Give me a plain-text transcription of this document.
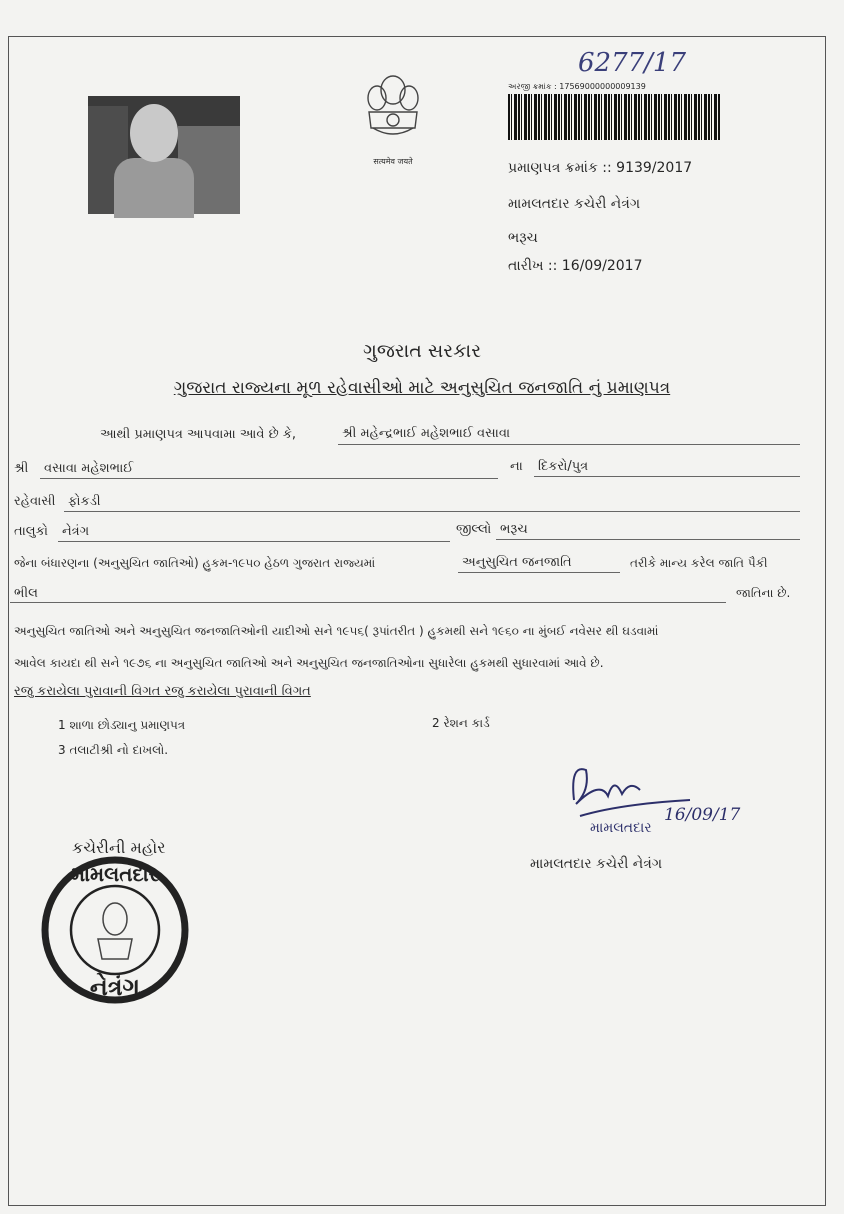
सत्यमेव जयते
6277/17
અરજી ક્રમાંક : 17569000000009139
પ્રમાણપત્ર ક્રમાંક :: 9139/2017
મામલતદાર કચેરી નેત્રંગ
ભરૂચ
તારીખ :: 16/09/2017
ગુજરાત સરકાર
ગુજરાત રાજ્યના મૂળ રહેવાસીઓ માટે અનુસુચિત જનજાતિ નું પ્રમાણપત્ર
આથી પ્રમાણપત્ર આપવામા આવે છે કે,	શ્રી મહેન્દ્રભાઈ મહેશભાઈ વસાવા
શ્રી વસાવા મહેશભાઈ	ના દિકરો/પુત્ર
રહેવાસી ફોકડી
તાલુકો નેત્રંગ	જીલ્લો ભરૂચ
જેના બંધારણના (અનુસુચિત જાતિઓ) હુકમ-૧૯૫૦ હેઠળ ગુજરાત રાજ્યમાં	અનુસુચિત જનજાતિ	તરીકે માન્ય કરેલ જાતિ પૈકી
ભીલ	જાતિના છે.
અનુસુચિત જાતિઓ અને અનુસુચિત જનજાતિઓની યાદીઓ સને ૧૯૫૬( રૂપાંતરીત ) હુકમથી સને ૧૯૬૦ ના મુંબઈ નવેસર થી ઘડવામાં
આવેલ કાયદા થી સને ૧૯૭૬ ના અનુસુચિત જાતિઓ અને અનુસુચિત જનજાતિઓના સુધારેલા હુકમથી સુધારવામાં આવે છે.
રજુ કરાયેલા પુરાવાની વિગત રજુ કરાયેલા પુરાવાની વિગત
1 શાળા છોડ્યાનુ પ્રમાણપત્ર	2 રેશન કાર્ડ
3 તલાટીશ્રી નો દાખલો.
મામલતદાર
16/09/17
મામલતદાર કચેરી નેત્રંગ
કચેરીની મહોર
મામલતદાર
નેત્રંગ
